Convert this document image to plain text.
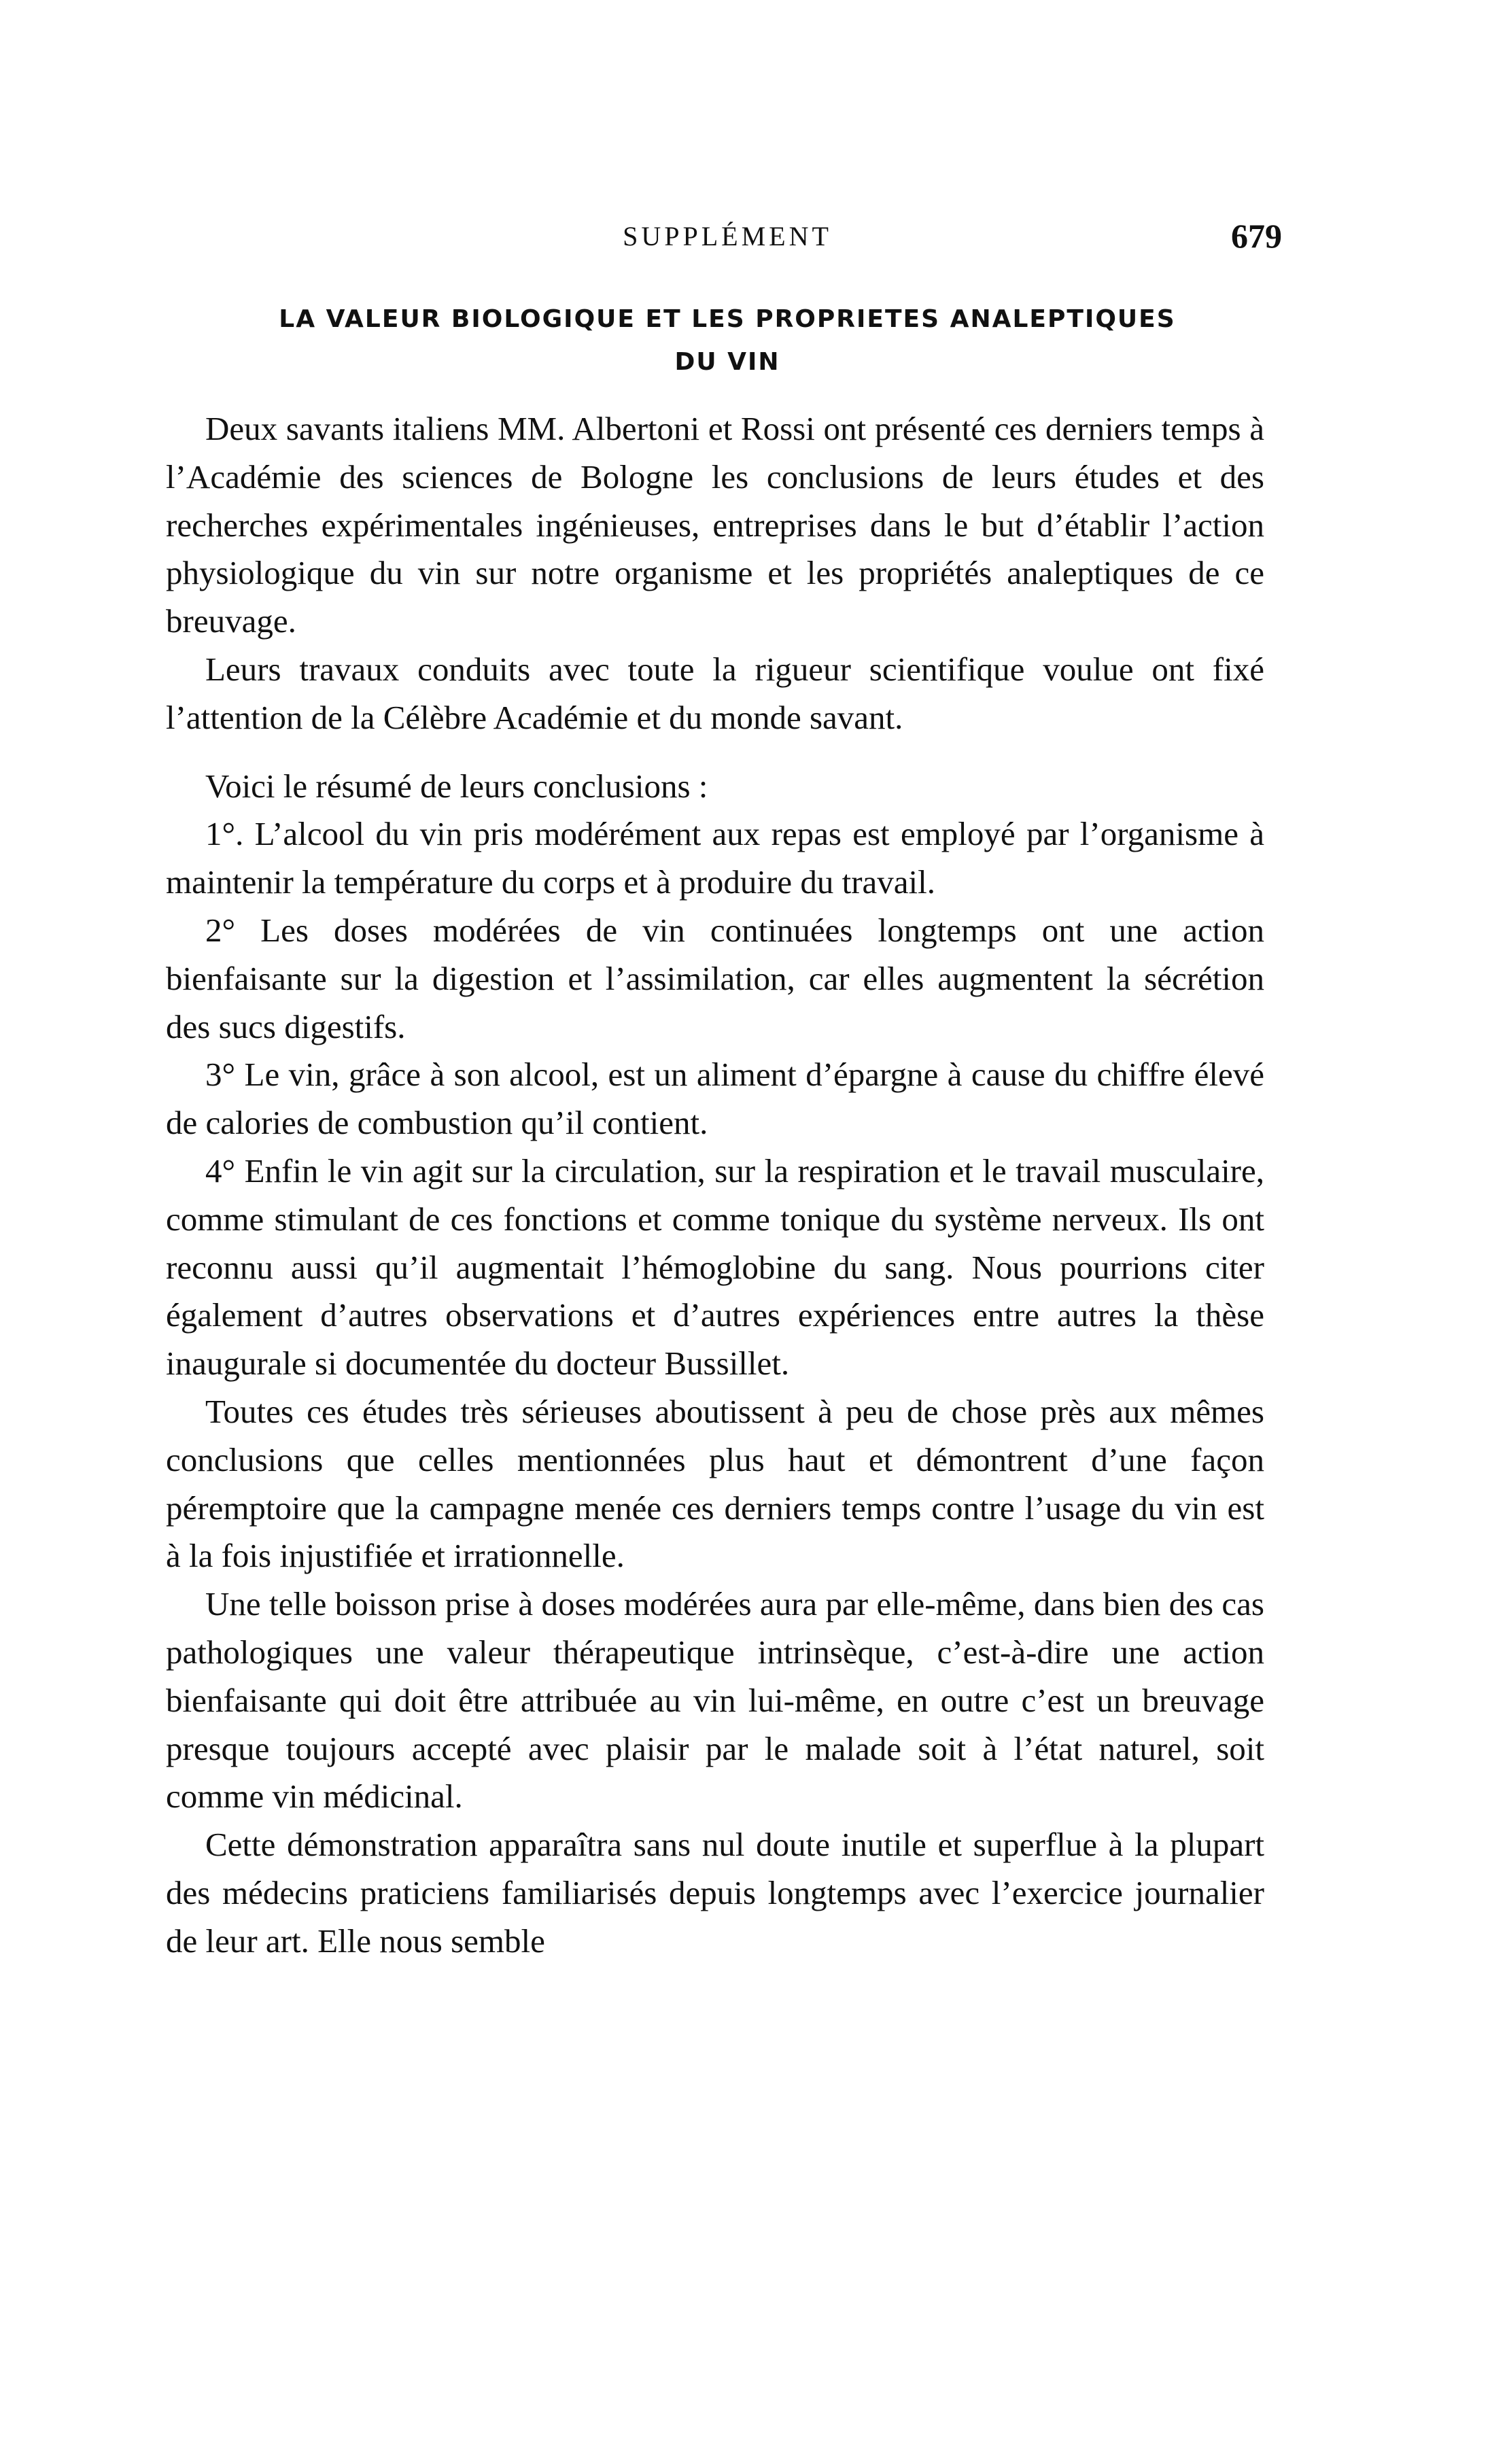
SUPPLÉMENT	679
LA VALEUR BIOLOGIQUE ET LES PROPRIETES ANALEPTIQUES
DU VIN

Deux savants italiens MM. Albertoni et Rossi ont présenté ces derniers temps à l’Académie des sciences de Bologne les conclusions de leurs études et des recherches expérimentales ingénieuses, entreprises dans le but d’établir l’action physiologique du vin sur notre organisme et les propriétés analeptiques de ce breuvage.

Leurs travaux conduits avec toute la rigueur scientifique voulue ont fixé l’attention de la Célèbre Académie et du monde savant.

Voici le résumé de leurs conclusions :

1°. L’alcool du vin pris modérément aux repas est employé par l’organisme à maintenir la température du corps et à produire du travail.

2° Les doses modérées de vin continuées longtemps ont une action bienfaisante sur la digestion et l’assimilation, car elles augmentent la sécrétion des sucs digestifs.

3° Le vin, grâce à son alcool, est un aliment d’épargne à cause du chiffre élevé de calories de combustion qu’il contient.

4° Enfin le vin agit sur la circulation, sur la respiration et le travail musculaire, comme stimulant de ces fonctions et comme tonique du système nerveux. Ils ont reconnu aussi qu’il augmentait l’hémoglobine du sang. Nous pourrions citer également d’autres observations et d’autres expériences entre autres la thèse inaugurale si documentée du docteur Bussillet.

Toutes ces études très sérieuses aboutissent à peu de chose près aux mêmes conclusions que celles mentionnées plus haut et démontrent d’une façon péremptoire que la campagne menée ces derniers temps contre l’usage du vin est à la fois injustifiée et irrationnelle.

Une telle boisson prise à doses modérées aura par elle-même, dans bien des cas pathologiques une valeur thérapeutique intrinsèque, c’est-à-dire une action bienfaisante qui doit être attribuée au vin lui-même, en outre c’est un breuvage presque toujours accepté avec plaisir par le malade soit à l’état naturel, soit comme vin médicinal.

Cette démonstration apparaîtra sans nul doute inutile et superflue à la plupart des médecins praticiens familiarisés depuis longtemps avec l’exercice journalier de leur art. Elle nous semble
